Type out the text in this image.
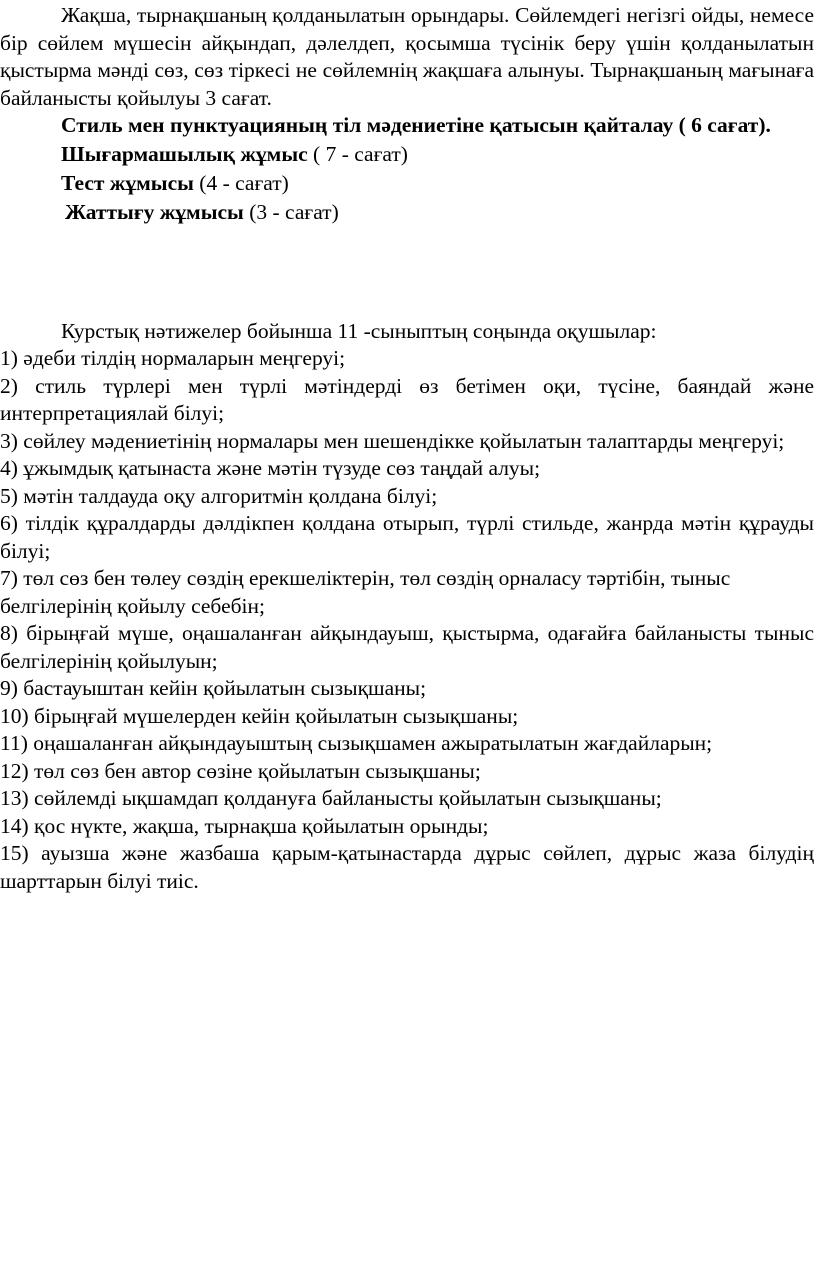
Жақша, тырнақшаның қолданылатын орындары. Сөйлемдегі негізгі ойды, немесе бір сөйлем мүшесін айқындап, дәлелдеп, қосымша түсінік беру үшін қолданылатын қыстырма мәнді сөз, сөз тіркесі не сөйлемнің жақшаға алынуы. Тырнақшаның мағынаға байланысты қойылуы 3 сағат.

Стиль мен пунктуацияның тіл мәдениетіне қатысын қайталау ( 6 сағат).

Шығармашылық жұмыс ( 7 - сағат)

Тест жұмысы (4 - сағат)

Жаттығу жұмысы (3 - сағат)

Курстық нәтижелер бойынша 11 -сыныптың соңында оқушылар:

1) әдеби тілдің нормаларын меңгеруі;
2) стиль түрлері мен түрлі мәтіндерді өз бетімен оқи, түсіне, баяндай және интерпретациялай білуі;
3) сөйлеу мәдениетінің нормалары мен шешендікке қойылатын талаптарды меңгеруі;
4) ұжымдық қатынаста және мәтін түзуде сөз таңдай алуы;
5) мәтін талдауда оқу алгоритмін қолдана білуі;
6) тілдік құралдарды дәлдікпен қолдана отырып, түрлі стильде, жанрда мәтін құрауды білуі;
7) төл сөз бен төлеу сөздің ерекшеліктерін, төл сөздің орналасу тәртібін, тыныс белгілерінің қойылу себебін;
8) бірыңғай мүше, оңашаланған айқындауыш, қыстырма, одағайға байланысты тыныс белгілерінің қойылуын;
9) бастауыштан кейін қойылатын сызықшаны;
10) бірыңғай мүшелерден кейін қойылатын сызықшаны;
11) оңашаланған айқындауыштың сызықшамен ажыратылатын жағдайларын;
12) төл сөз бен автор сөзіне қойылатын сызықшаны;
13) сөйлемді ықшамдап қолдануға байланысты қойылатын сызықшаны;
14) қос нүкте, жақша, тырнақша қойылатын орынды;
15) ауызша және жазбаша қарым-қатынастарда дұрыс сөйлеп, дұрыс жаза білудің шарттарын білуі тиіс.
